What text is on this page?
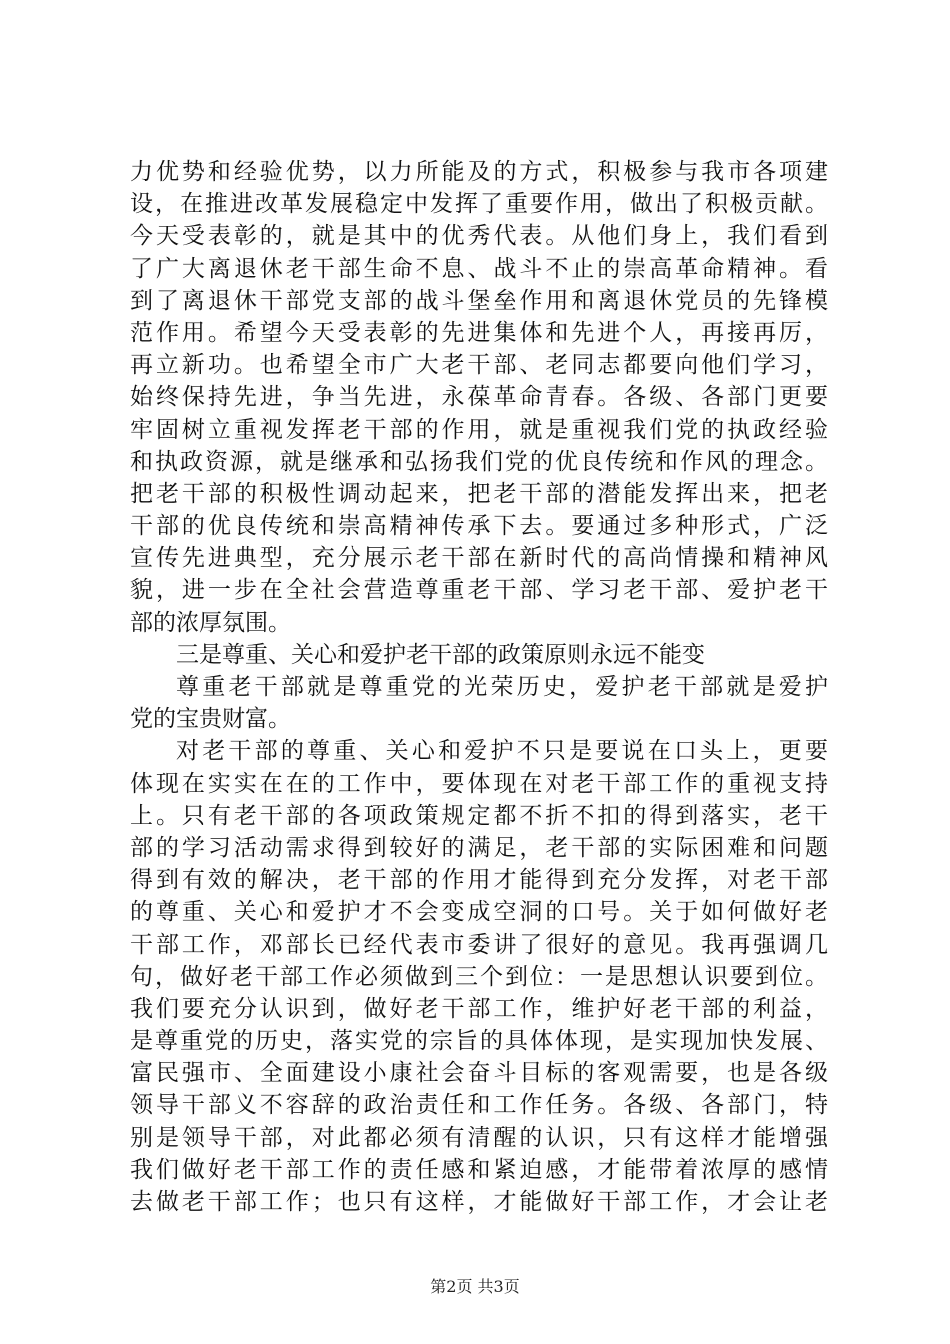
力优势和经验优势，以力所能及的方式，积极参与我市各项建
设，在推进改革发展稳定中发挥了重要作用，做出了积极贡献。
今天受表彰的，就是其中的优秀代表。从他们身上，我们看到
了广大离退休老干部生命不息、战斗不止的崇高革命精神。看
到了离退休干部党支部的战斗堡垒作用和离退休党员的先锋模
范作用。希望今天受表彰的先进集体和先进个人，再接再厉，
再立新功。也希望全市广大老干部、老同志都要向他们学习，
始终保持先进，争当先进，永葆革命青春。各级、各部门更要
牢固树立重视发挥老干部的作用，就是重视我们党的执政经验
和执政资源，就是继承和弘扬我们党的优良传统和作风的理念。
把老干部的积极性调动起来，把老干部的潜能发挥出来，把老
干部的优良传统和崇高精神传承下去。要通过多种形式，广泛
宣传先进典型，充分展示老干部在新时代的高尚情操和精神风
貌，进一步在全社会营造尊重老干部、学习老干部、爱护老干
部的浓厚氛围。
三是尊重、关心和爱护老干部的政策原则永远不能变
尊重老干部就是尊重党的光荣历史，爱护老干部就是爱护
党的宝贵财富。
对老干部的尊重、关心和爱护不只是要说在口头上，更要
体现在实实在在的工作中，要体现在对老干部工作的重视支持
上。只有老干部的各项政策规定都不折不扣的得到落实，老干
部的学习活动需求得到较好的满足，老干部的实际困难和问题
得到有效的解决，老干部的作用才能得到充分发挥，对老干部
的尊重、关心和爱护才不会变成空洞的口号。关于如何做好老
干部工作，邓部长已经代表市委讲了很好的意见。我再强调几
句，做好老干部工作必须做到三个到位：一是思想认识要到位。
我们要充分认识到，做好老干部工作，维护好老干部的利益，
是尊重党的历史，落实党的宗旨的具体体现，是实现加快发展、
富民强市、全面建设小康社会奋斗目标的客观需要，也是各级
领导干部义不容辞的政治责任和工作任务。各级、各部门，特
别是领导干部，对此都必须有清醒的认识，只有这样才能增强
我们做好老干部工作的责任感和紧迫感，才能带着浓厚的感情
去做老干部工作；也只有这样，才能做好干部工作，才会让老
第2页 共3页
